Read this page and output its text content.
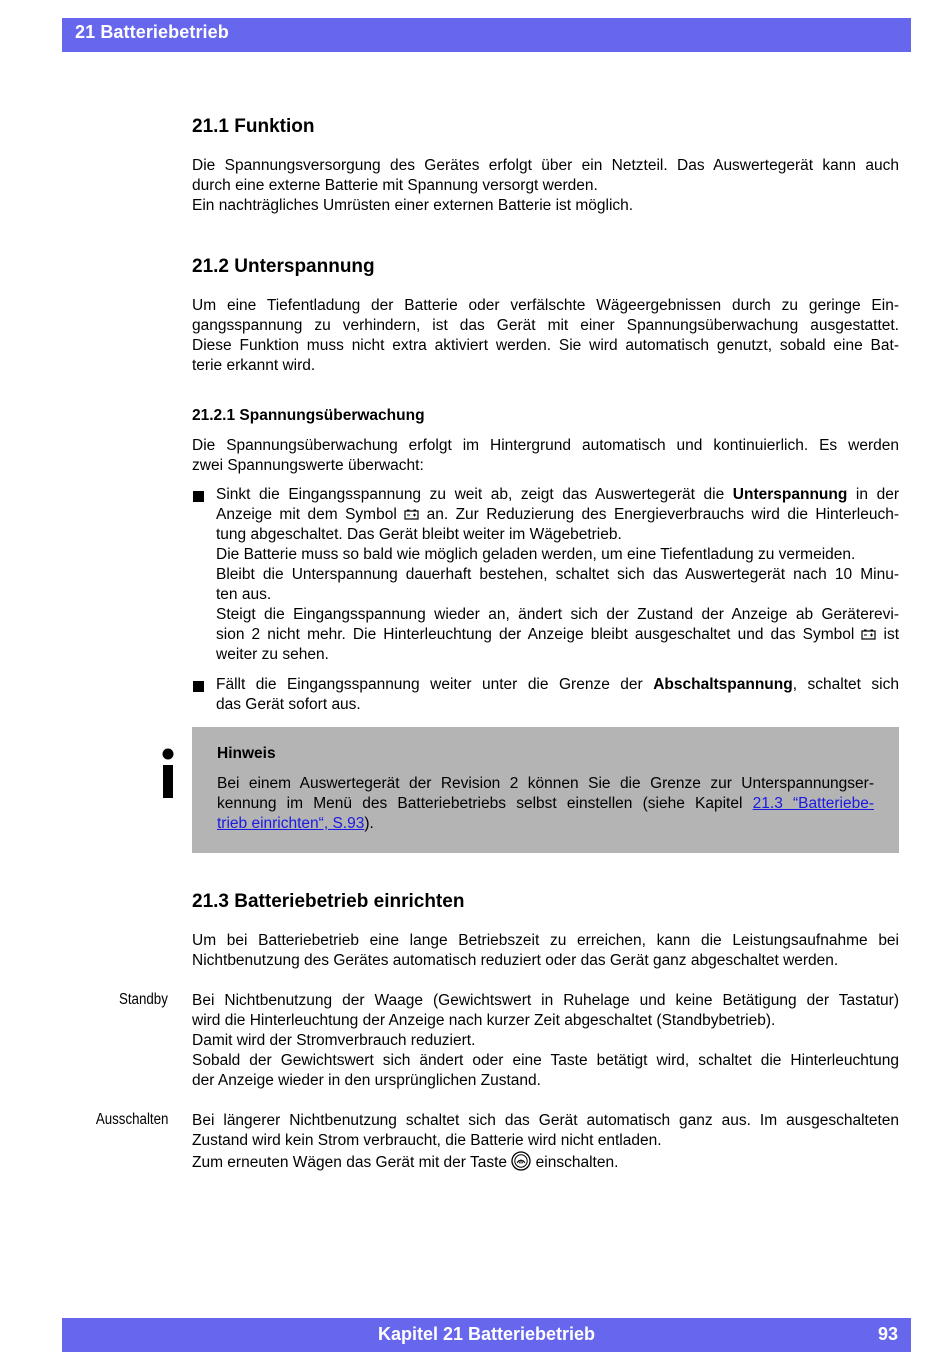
21 Batteriebetrieb
21.1 Funktion
Die Spannungsversorgung des Gerätes erfolgt über ein Netzteil. Das Auswertegerät kann auch
durch eine externe Batterie mit Spannung versorgt werden.
Ein nachträgliches Umrüsten einer externen Batterie ist möglich.
21.2 Unterspannung
Um eine Tiefentladung der Batterie oder verfälschte Wägeergebnissen durch zu geringe Ein-
gangsspannung zu verhindern, ist das Gerät mit einer Spannungsüberwachung ausgestattet.
Diese Funktion muss nicht extra aktiviert werden. Sie wird automatisch genutzt, sobald eine Bat-
terie erkannt wird.
21.2.1 Spannungsüberwachung
Die Spannungsüberwachung erfolgt im Hintergrund automatisch und kontinuierlich. Es werden
zwei Spannungswerte überwacht:
Sinkt die Eingangsspannung zu weit ab, zeigt das Auswertegerät die Unterspannung in der
Anzeige mit dem Symbol  an. Zur Reduzierung des Energieverbrauchs wird die Hinterleuch-
tung abgeschaltet. Das Gerät bleibt weiter im Wägebetrieb.
Die Batterie muss so bald wie möglich geladen werden, um eine Tiefentladung zu vermeiden.
Bleibt die Unterspannung dauerhaft bestehen, schaltet sich das Auswertegerät nach 10 Minu-
ten aus.
Steigt die Eingangsspannung wieder an, ändert sich der Zustand der Anzeige ab Geräterevi-
sion 2 nicht mehr. Die Hinterleuchtung der Anzeige bleibt ausgeschaltet und das Symbol  ist
weiter zu sehen.
Fällt die Eingangsspannung weiter unter die Grenze der Abschaltspannung, schaltet sich
das Gerät sofort aus.
Hinweis
Bei einem Auswertegerät der Revision 2 können Sie die Grenze zur Unterspannungser-
kennung im Menü des Batteriebetriebs selbst einstellen (siehe Kapitel 21.3 “Batteriebe-
trieb einrichten“, S.93).
21.3 Batteriebetrieb einrichten
Um bei Batteriebetrieb eine lange Betriebszeit zu erreichen, kann die Leistungsaufnahme bei
Nichtbenutzung des Gerätes automatisch reduziert oder das Gerät ganz abgeschaltet werden.
Standby Bei Nichtbenutzung der Waage (Gewichtswert in Ruhelage und keine Betätigung der Tastatur)
wird die Hinterleuchtung der Anzeige nach kurzer Zeit abgeschaltet (Standbybetrieb).
Damit wird der Stromverbrauch reduziert.
Sobald der Gewichtswert sich ändert oder eine Taste betätigt wird, schaltet die Hinterleuchtung
der Anzeige wieder in den ursprünglichen Zustand.
Ausschalten Bei längerer Nichtbenutzung schaltet sich das Gerät automatisch ganz aus. Im ausgeschalteten
Zustand wird kein Strom verbraucht, die Batterie wird nicht entladen.
Zum erneuten Wägen das Gerät mit der Taste  einschalten.
Kapitel 21 Batteriebetrieb	93
